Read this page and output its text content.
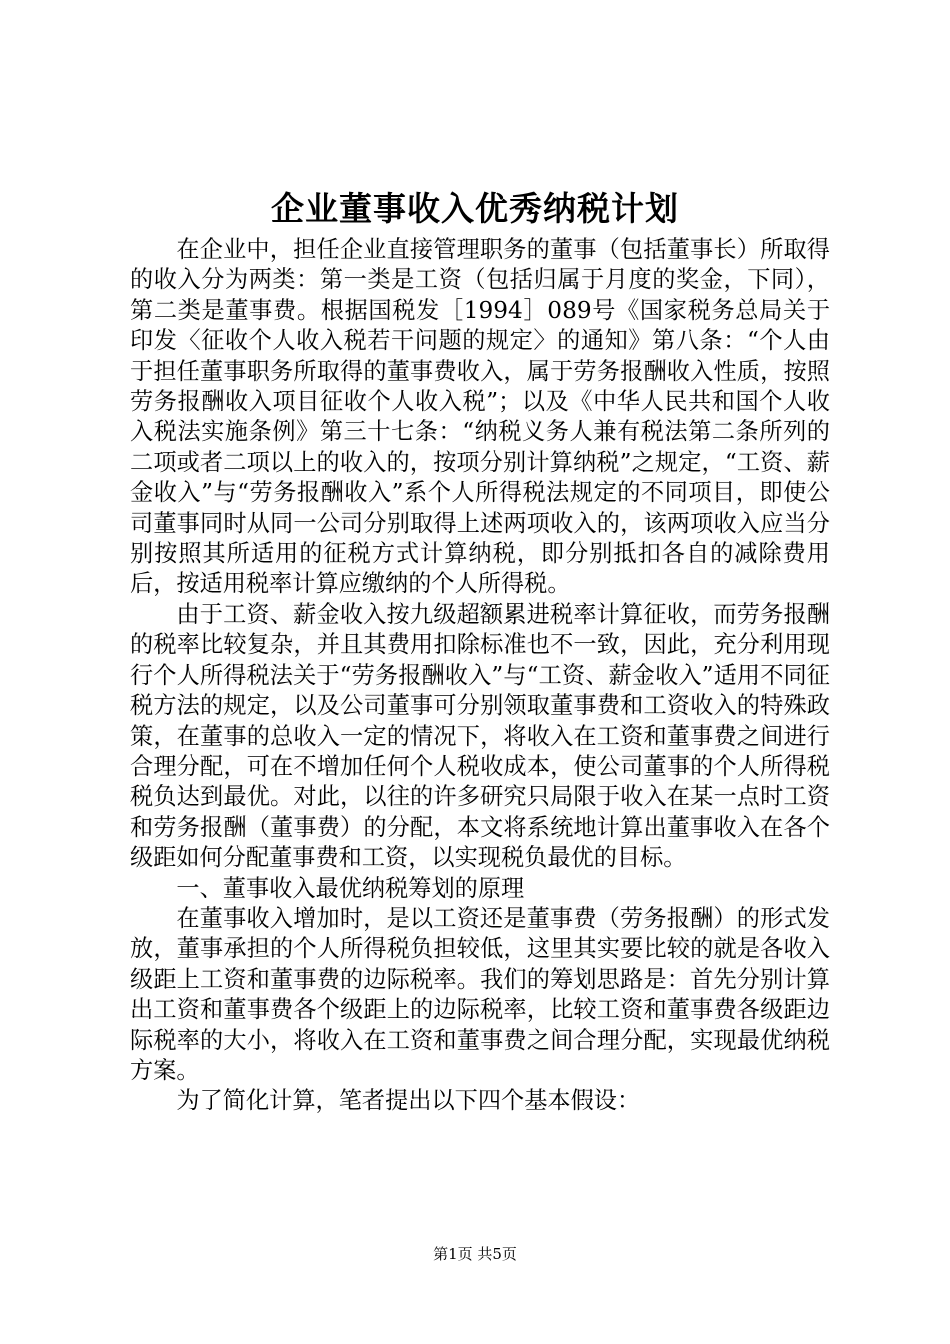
企业董事收入优秀纳税计划

在企业中，担任企业直接管理职务的董事（包括董事长）所取得的收入分为两类：第一类是工资（包括归属于月度的奖金，下同），第二类是董事费。根据国税发［1994］089号《国家税务总局关于印发〈征收个人收入税若干问题的规定〉的通知》第八条：“个人由于担任董事职务所取得的董事费收入，属于劳务报酬收入性质，按照劳务报酬收入项目征收个人收入税”；以及《中华人民共和国个人收入税法实施条例》第三十七条：“纳税义务人兼有税法第二条所列的二项或者二项以上的收入的，按项分别计算纳税”之规定，“工资、薪金收入”与“劳务报酬收入”系个人所得税法规定的不同项目，即使公司董事同时从同一公司分别取得上述两项收入的，该两项收入应当分别按照其所适用的征税方式计算纳税，即分别抵扣各自的减除费用后，按适用税率计算应缴纳的个人所得税。

由于工资、薪金收入按九级超额累进税率计算征收，而劳务报酬的税率比较复杂，并且其费用扣除标准也不一致，因此，充分利用现行个人所得税法关于“劳务报酬收入”与“工资、薪金收入”适用不同征税方法的规定，以及公司董事可分别领取董事费和工资收入的特殊政策，在董事的总收入一定的情况下，将收入在工资和董事费之间进行合理分配，可在不增加任何个人税收成本，使公司董事的个人所得税税负达到最优。对此，以往的许多研究只局限于收入在某一点时工资和劳务报酬（董事费）的分配，本文将系统地计算出董事收入在各个级距如何分配董事费和工资，以实现税负最优的目标。

一、董事收入最优纳税筹划的原理

在董事收入增加时，是以工资还是董事费（劳务报酬）的形式发放，董事承担的个人所得税负担较低，这里其实要比较的就是各收入级距上工资和董事费的边际税率。我们的筹划思路是：首先分别计算出工资和董事费各个级距上的边际税率，比较工资和董事费各级距边际税率的大小，将收入在工资和董事费之间合理分配，实现最优纳税方案。

为了简化计算，笔者提出以下四个基本假设：

第1页 共5页
